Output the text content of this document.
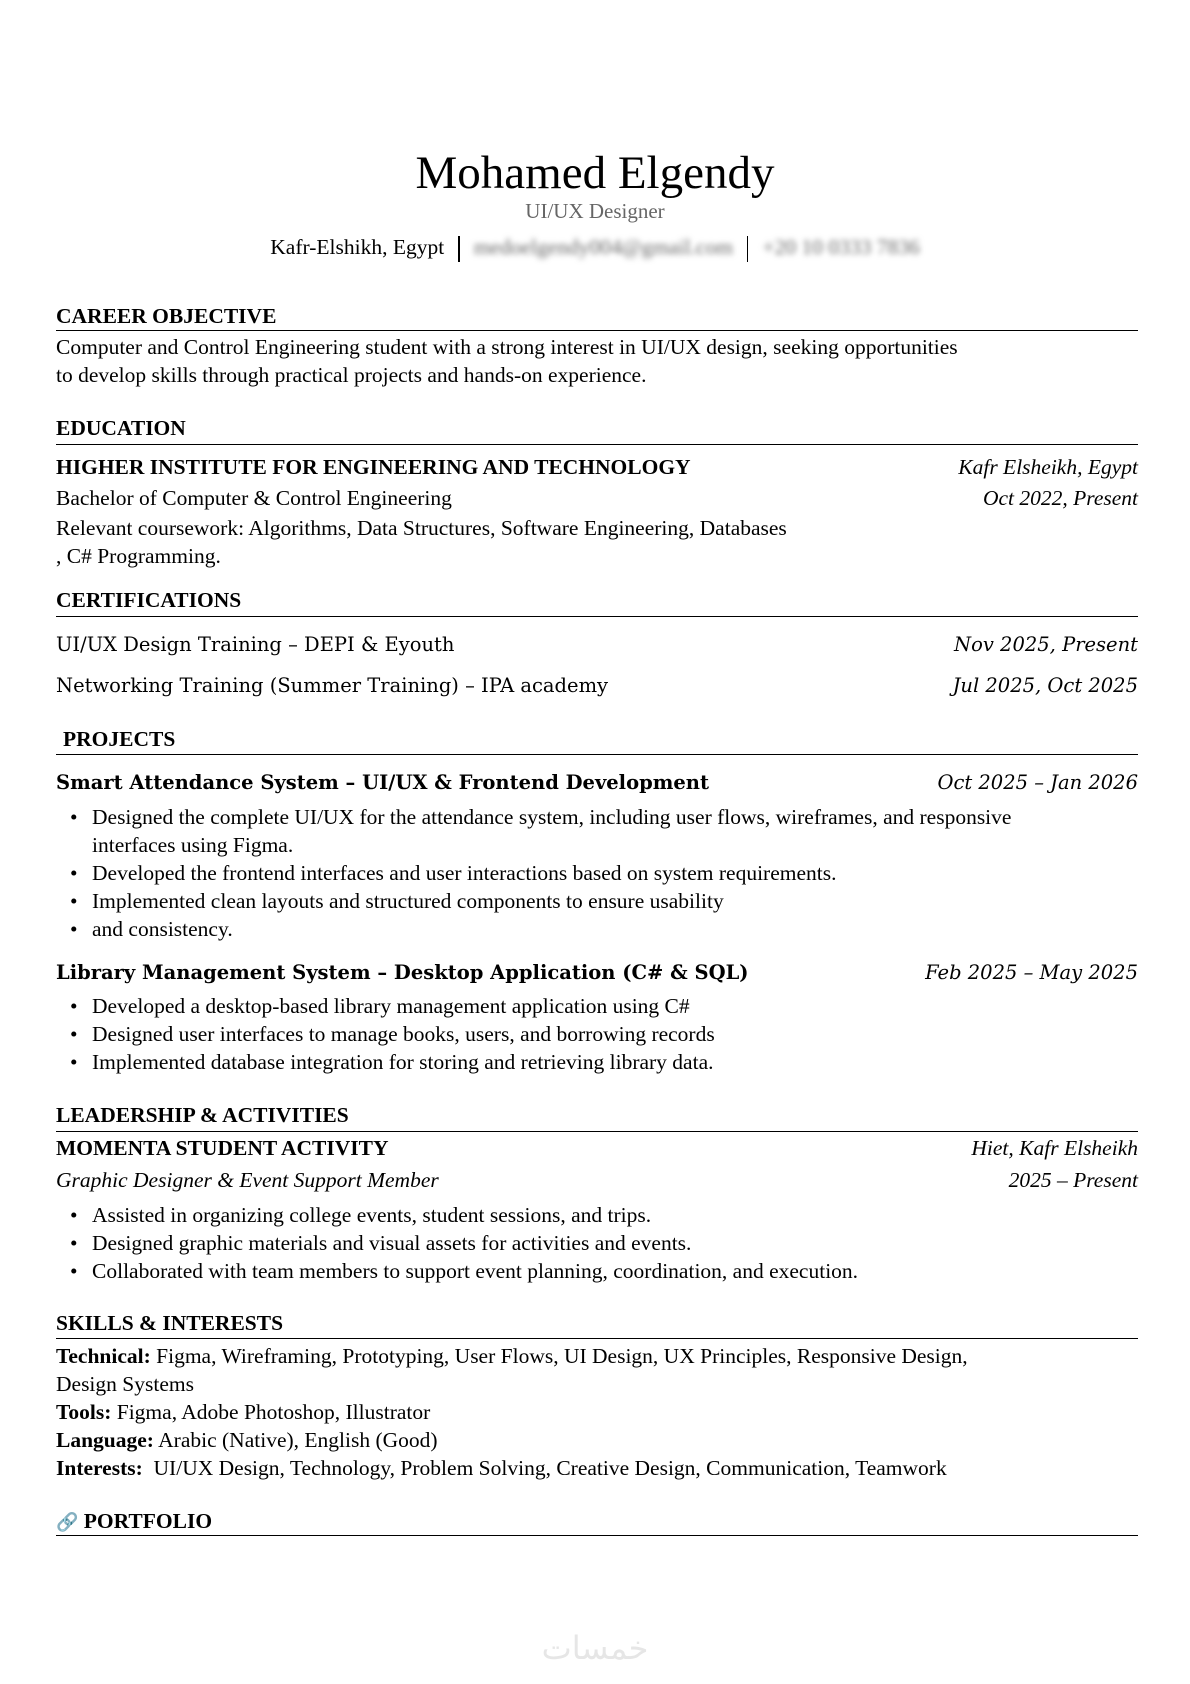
Mohamed Elgendy
UI/UX Designer
Kafr-Elshikh, Egypt medoelgendy004@gmail.com +20 10 0333 7836
CAREER OBJECTIVE
Computer and Control Engineering student with a strong interest in UI/UX design, seeking opportunities
to develop skills through practical projects and hands-on experience.
EDUCATION
HIGHER INSTITUTE FOR ENGINEERING AND TECHNOLOGY	Kafr Elsheikh, Egypt
Bachelor of Computer & Control Engineering	Oct 2022, Present
Relevant coursework: Algorithms, Data Structures, Software Engineering, Databases
, C# Programming.
CERTIFICATIONS
UI/UX Design Training – DEPI & Eyouth	Nov 2025, Present
Networking Training (Summer Training) – IPA academy	Jul 2025, Oct 2025
PROJECTS
Smart Attendance System – UI/UX & Frontend Development	Oct 2025 – Jan 2026
• Designed the complete UI/UX for the attendance system, including user flows, wireframes, and responsive
interfaces using Figma.
• Developed the frontend interfaces and user interactions based on system requirements.
• Implemented clean layouts and structured components to ensure usability
• and consistency.
Library Management System – Desktop Application (C# & SQL)	Feb 2025 – May 2025
• Developed a desktop-based library management application using C#
• Designed user interfaces to manage books, users, and borrowing records
• Implemented database integration for storing and retrieving library data.
LEADERSHIP & ACTIVITIES
MOMENTA STUDENT ACTIVITY	Hiet, Kafr Elsheikh
Graphic Designer & Event Support Member	2025 – Present
• Assisted in organizing college events, student sessions, and trips.
• Designed graphic materials and visual assets for activities and events.
• Collaborated with team members to support event planning, coordination, and execution.
SKILLS & INTERESTS
Technical: Figma, Wireframing, Prototyping, User Flows, UI Design, UX Principles, Responsive Design,
Design Systems
Tools: Figma, Adobe Photoshop, Illustrator
Language: Arabic (Native), English (Good)
Interests:  UI/UX Design, Technology, Problem Solving, Creative Design, Communication, Teamwork
🔗 PORTFOLIO
خمسات
